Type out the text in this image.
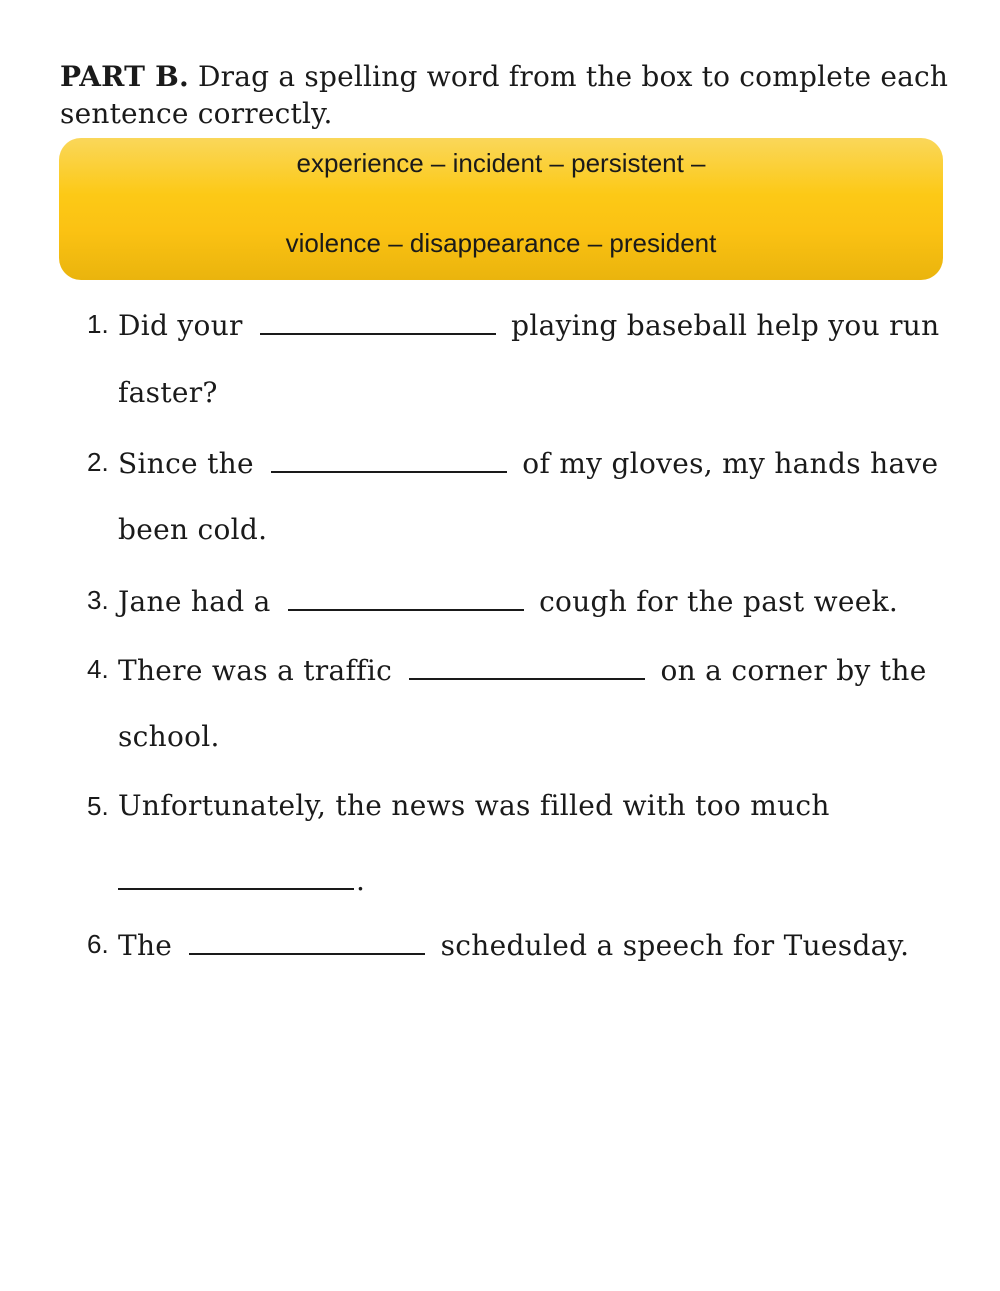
PART B. Drag a spelling word from the box to complete each sentence correctly.
experience – incident – persistent –
violence – disappearance – president
1. Did your	playing baseball help you run
faster?
2. Since the	of my gloves, my hands have
been cold.
3. Jane had a	cough for the past week.
4. There was a traffic	on a corner by the
school.
5. Unfortunately, the news was filled with too much
.
6. The	scheduled a speech for Tuesday.
